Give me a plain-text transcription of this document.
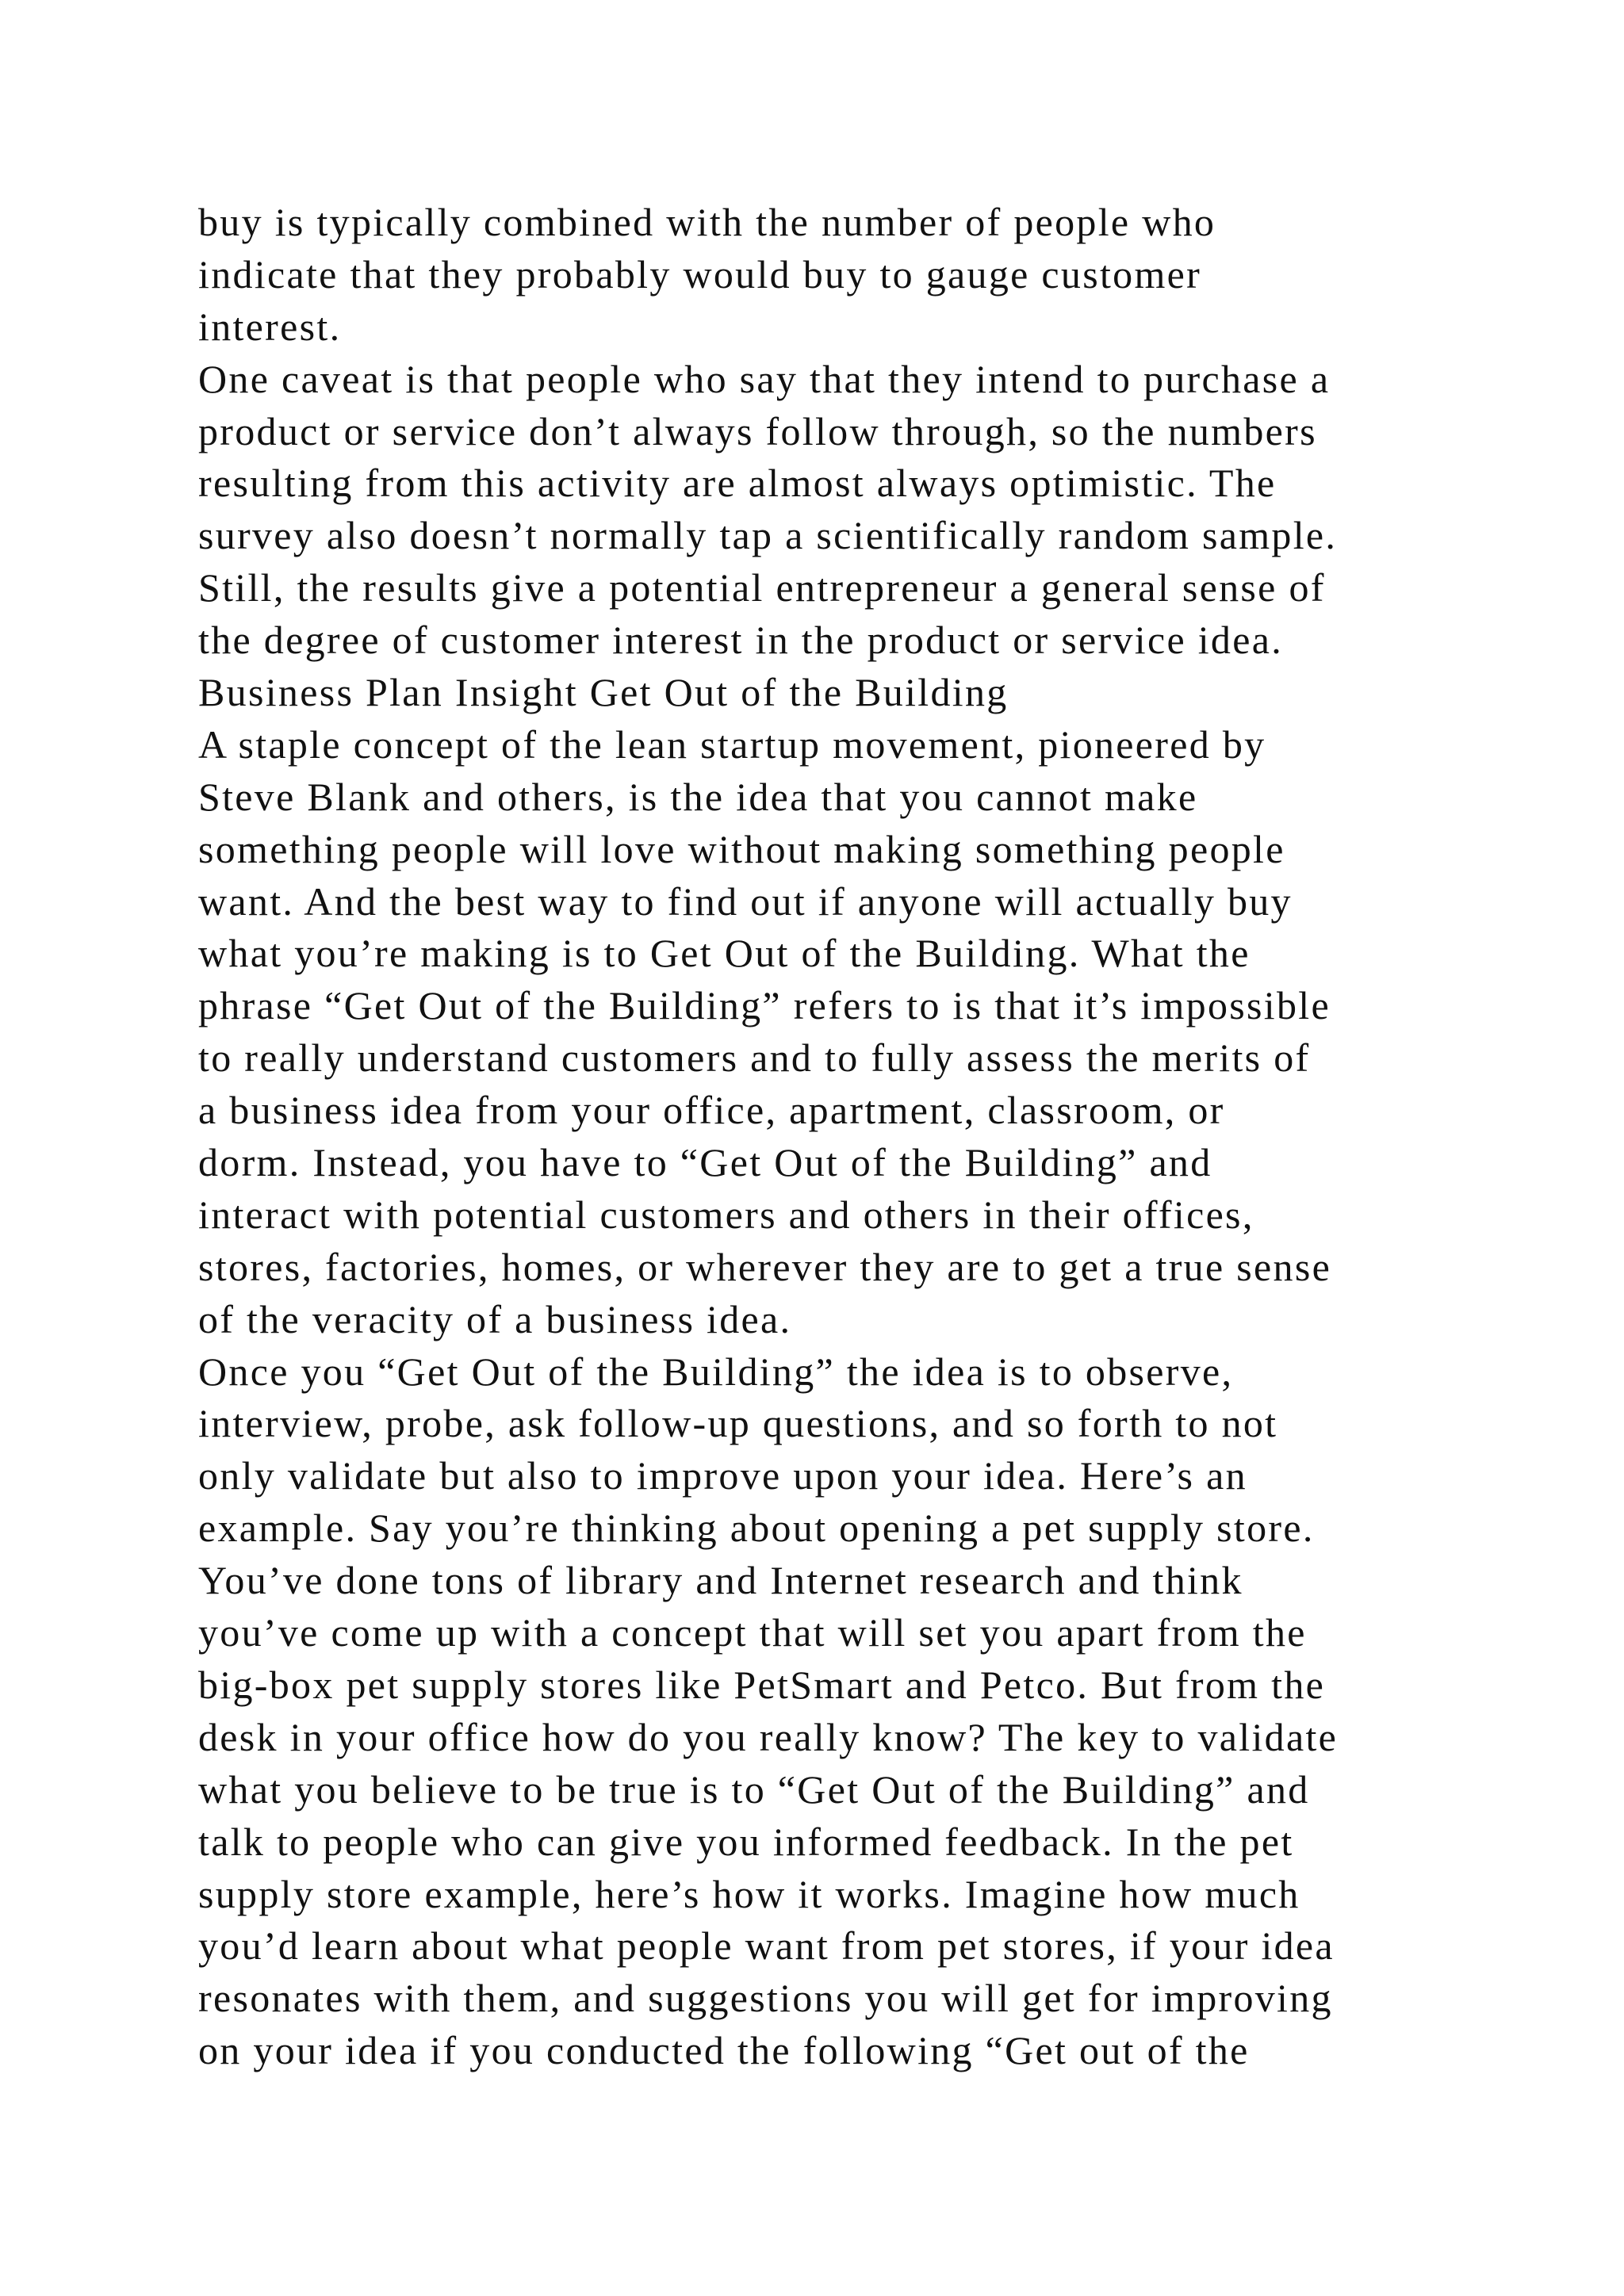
buy is typically combined with the number of people who
indicate that they probably would buy to gauge customer
interest.
One caveat is that people who say that they intend to purchase a
product or service don’t always follow through, so the numbers
resulting from this activity are almost always optimistic. The
survey also doesn’t normally tap a scientifically random sample.
Still, the results give a potential entrepreneur a general sense of
the degree of customer interest in the product or service idea.
Business Plan Insight Get Out of the Building
A staple concept of the lean startup movement, pioneered by
Steve Blank and others, is the idea that you cannot make
something people will love without making something people
want. And the best way to find out if anyone will actually buy
what you’re making is to Get Out of the Building. What the
phrase “Get Out of the Building” refers to is that it’s impossible
to really understand customers and to fully assess the merits of
a business idea from your office, apartment, classroom, or
dorm. Instead, you have to “Get Out of the Building” and
interact with potential customers and others in their offices,
stores, factories, homes, or wherever they are to get a true sense
of the veracity of a business idea.
Once you “Get Out of the Building” the idea is to observe,
interview, probe, ask follow-up questions, and so forth to not
only validate but also to improve upon your idea. Here’s an
example. Say you’re thinking about opening a pet supply store.
You’ve done tons of library and Internet research and think
you’ve come up with a concept that will set you apart from the
big-box pet supply stores like PetSmart and Petco. But from the
desk in your office how do you really know? The key to validate
what you believe to be true is to “Get Out of the Building” and
talk to people who can give you informed feedback. In the pet
supply store example, here’s how it works. Imagine how much
you’d learn about what people want from pet stores, if your idea
resonates with them, and suggestions you will get for improving
on your idea if you conducted the following “Get out of the
